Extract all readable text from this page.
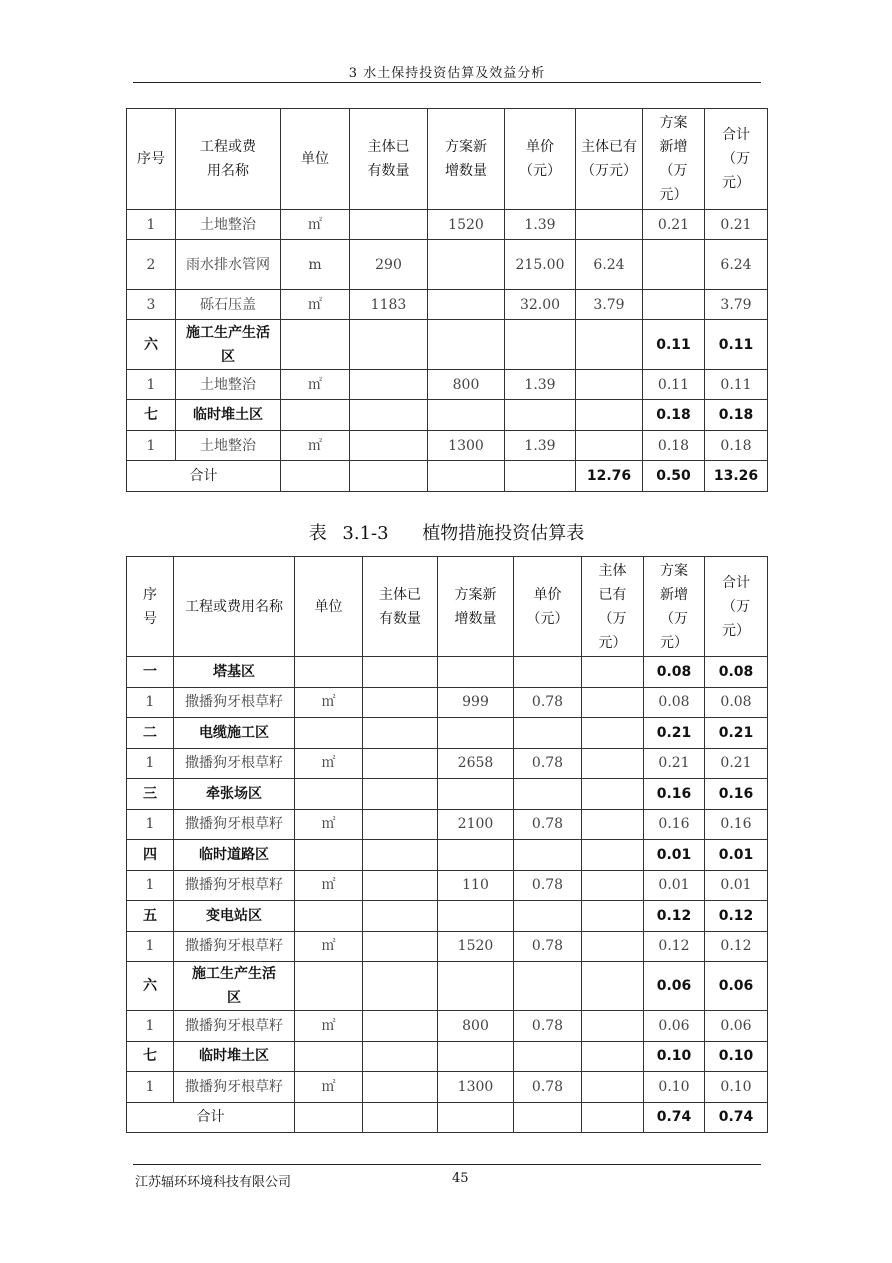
3 水土保持投资估算及效益分析
序号	工程或费用名称	单位	主体已有数量	方案新增数量	单价（元）	主体已有（万元）	方案新增（万元）	合计（万元）
1	土地整治	㎡		1520	1.39		0.21	0.21
2	雨水排水管网	m	290		215.00	6.24		6.24
3	砾石压盖	㎡	1183		32.00	3.79		3.79
六	施工生产生活区						0.11	0.11
1	土地整治	㎡		800	1.39		0.11	0.11
七	临时堆土区						0.18	0.18
1	土地整治	㎡		1300	1.39		0.18	0.18
合计						12.76	0.50	13.26
表 3.1-3　 植物措施投资估算表
序号	工程或费用名称	单位	主体已有数量	方案新增数量	单价（元）	主体已有（万元）	方案新增（万元）	合计（万元）
一	塔基区						0.08	0.08
1	撒播狗牙根草籽	㎡		999	0.78		0.08	0.08
二	电缆施工区						0.21	0.21
1	撒播狗牙根草籽	㎡		2658	0.78		0.21	0.21
三	牵张场区						0.16	0.16
1	撒播狗牙根草籽	㎡		2100	0.78		0.16	0.16
四	临时道路区						0.01	0.01
1	撒播狗牙根草籽	㎡		110	0.78		0.01	0.01
五	变电站区						0.12	0.12
1	撒播狗牙根草籽	㎡		1520	0.78		0.12	0.12
六	施工生产生活区						0.06	0.06
1	撒播狗牙根草籽	㎡		800	0.78		0.06	0.06
七	临时堆土区						0.10	0.10
1	撒播狗牙根草籽	㎡		1300	0.78		0.10	0.10
合计							0.74	0.74
江苏辐环环境科技有限公司	45
